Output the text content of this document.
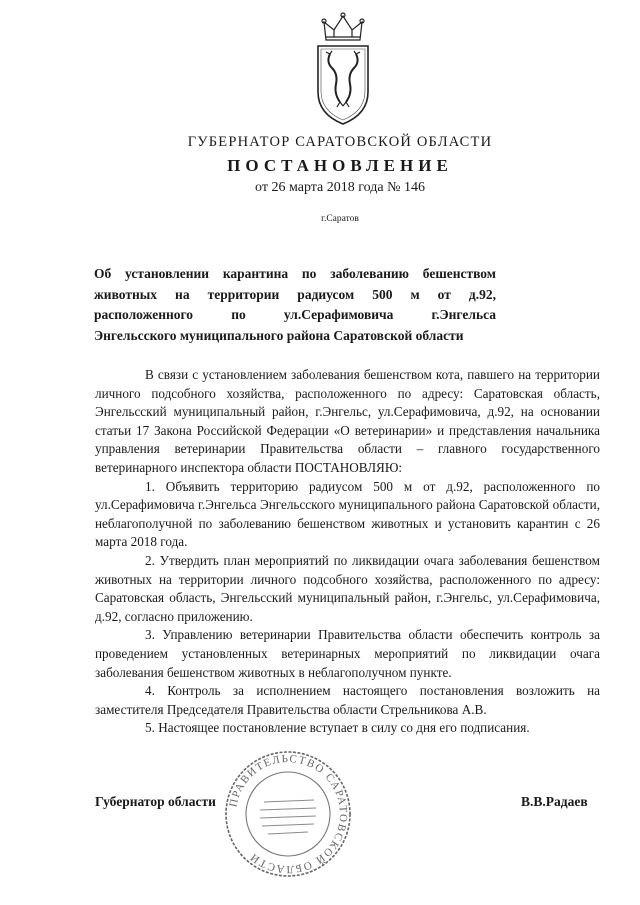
ГУБЕРНАТОР САРАТОВСКОЙ ОБЛАСТИ
ПОСТАНОВЛЕНИЕ
от 26 марта 2018 года № 146
г.Саратов
Об установлении карантина по заболеванию бешенством
животных на территории радиусом 500 м от д.92,
расположенного по ул.Серафимовича г.Энгельса
Энгельсского муниципального района Саратовской области

В связи с установлением заболевания бешенством кота, павшего на территории личного подсобного хозяйства, расположенного по адресу: Саратовская область, Энгельсский муниципальный район, г.Энгельс, ул.Серафимовича, д.92, на основании статьи 17 Закона Российской Федерации «О ветеринарии» и представления начальника управления ветеринарии Правительства области – главного государственного ветеринарного инспектора области ПОСТАНОВЛЯЮ:

1. Объявить территорию радиусом 500 м от д.92, расположенного по ул.Серафимовича г.Энгельса Энгельсского муниципального района Саратовской области, неблагополучной по заболеванию бешенством животных и установить карантин с 26 марта 2018 года.

2. Утвердить план мероприятий по ликвидации очага заболевания бешенством животных на территории личного подсобного хозяйства, расположенного по адресу: Саратовская область, Энгельсский муниципальный район, г.Энгельс, ул.Серафимовича, д.92, согласно приложению.

3. Управлению ветеринарии Правительства области обеспечить контроль за проведением установленных ветеринарных мероприятий по ликвидации очага заболевания бешенством животных в неблагополучном пункте.

4. Контроль за исполнением настоящего постановления возложить на заместителя Председателя Правительства области Стрельникова А.В.

5. Настоящее постановление вступает в силу со дня его подписания.

Губернатор области	В.В.Радаев
ПРАВИТЕЛЬСТВО САРАТОВСКОЙ ОБЛАСТИ
